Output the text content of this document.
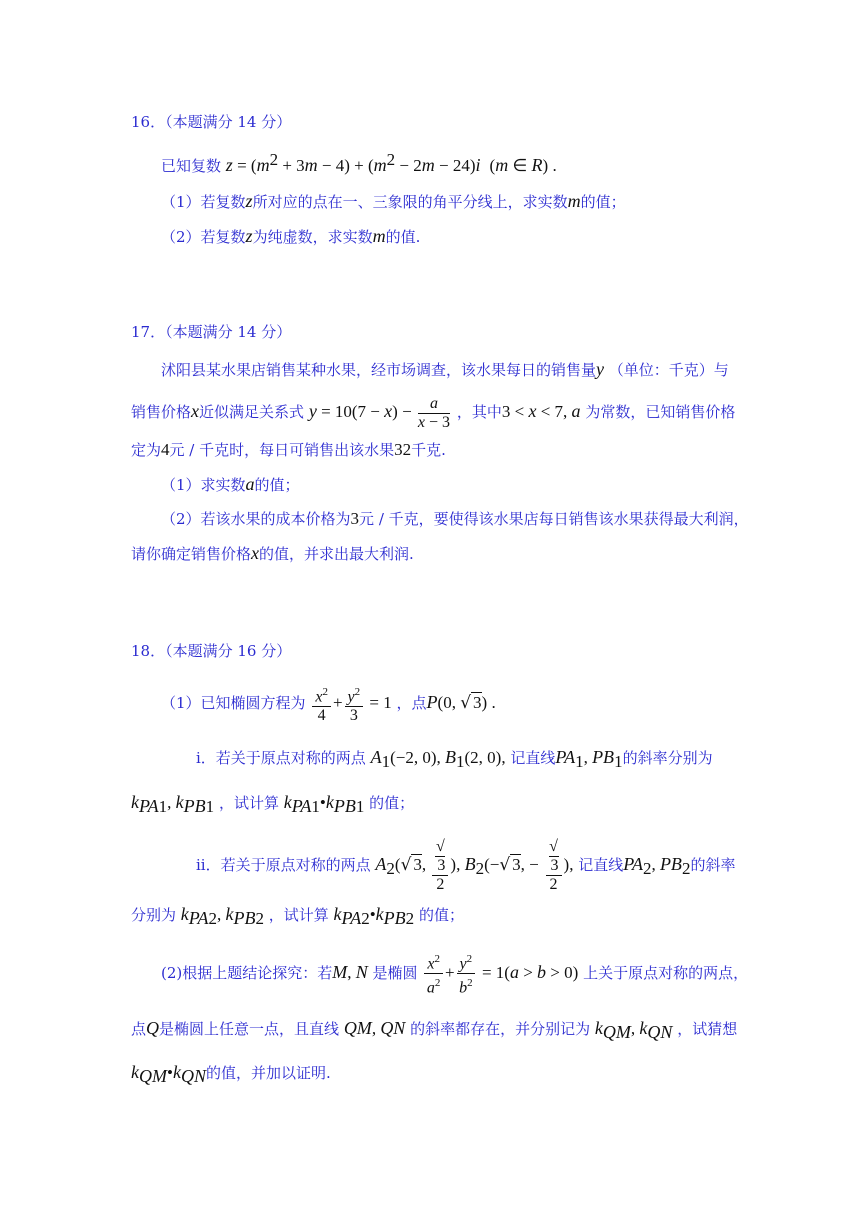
16．（本题满分 14 分）
已知复数 $z = (m^2 + 3m - 4) + (m^2 - 2m - 24)i$  (m ∈ R) .
（1）若复数z所对应的点在一、三象限的角平分线上，求实数m的值；
（2）若复数z为纯虚数，求实数m的值.
17．（本题满分 14 分）
沭阳县某水果店销售某种水果，经市场调查，该水果每日的销售量y （单位：千克）与
销售价格x近似满足关系式 $y = 10(7 - x) - \frac{a}{x - 3}$ ，其中3 < x < 7, a 为常数，已知销售价格
定为4元 / 千克时，每日可销售出该水果32千克.
（1）求实数a的值；
（2）若该水果的成本价格为3元 / 千克，要使得该水果店每日销售该水果获得最大利润，
请你确定销售价格x的值，并求出最大利润.
18．（本题满分 16 分）
（1）已知椭圆方程为 $\frac{x^2}{4} + \frac{y^2}{3} = 1$ ，点P(0, √ 3) .
i．若关于原点对称的两点 $A_1(-2$, 0), $B_1(2$, 0), 记直线$PA_1$, $PB_1$的斜率分别为
$k_{PA1}$, $k_{PB1}$ ，试计算 $k_{PA1}•k_{PB1}$ 的值；
ii．若关于原点对称的两点 $A_2(√$ 3, √
3
2 ), $B_2(-√$ 3, − √
3
2 ), 记直线$PA_2$, $PB_2$的斜率
分别为 $k_{PA2}$, $k_{PB2}$ ，试计算 $k_{PA2}•k_{PB2}$ 的值；
(2)根据上题结论探究：若M, N 是椭圆 $\frac{x^2}{a^2} + \frac{y^2}{b^2} = 1(a > b > 0)$ 上关于原点对称的两点，
点Q是椭圆上任意一点，且直线 QM, QN 的斜率都存在，并分别记为 $k_{QM}$, $k_{QN}$ ，试猜想
$k_{QM}•k_{QN}$的值，并加以证明.
